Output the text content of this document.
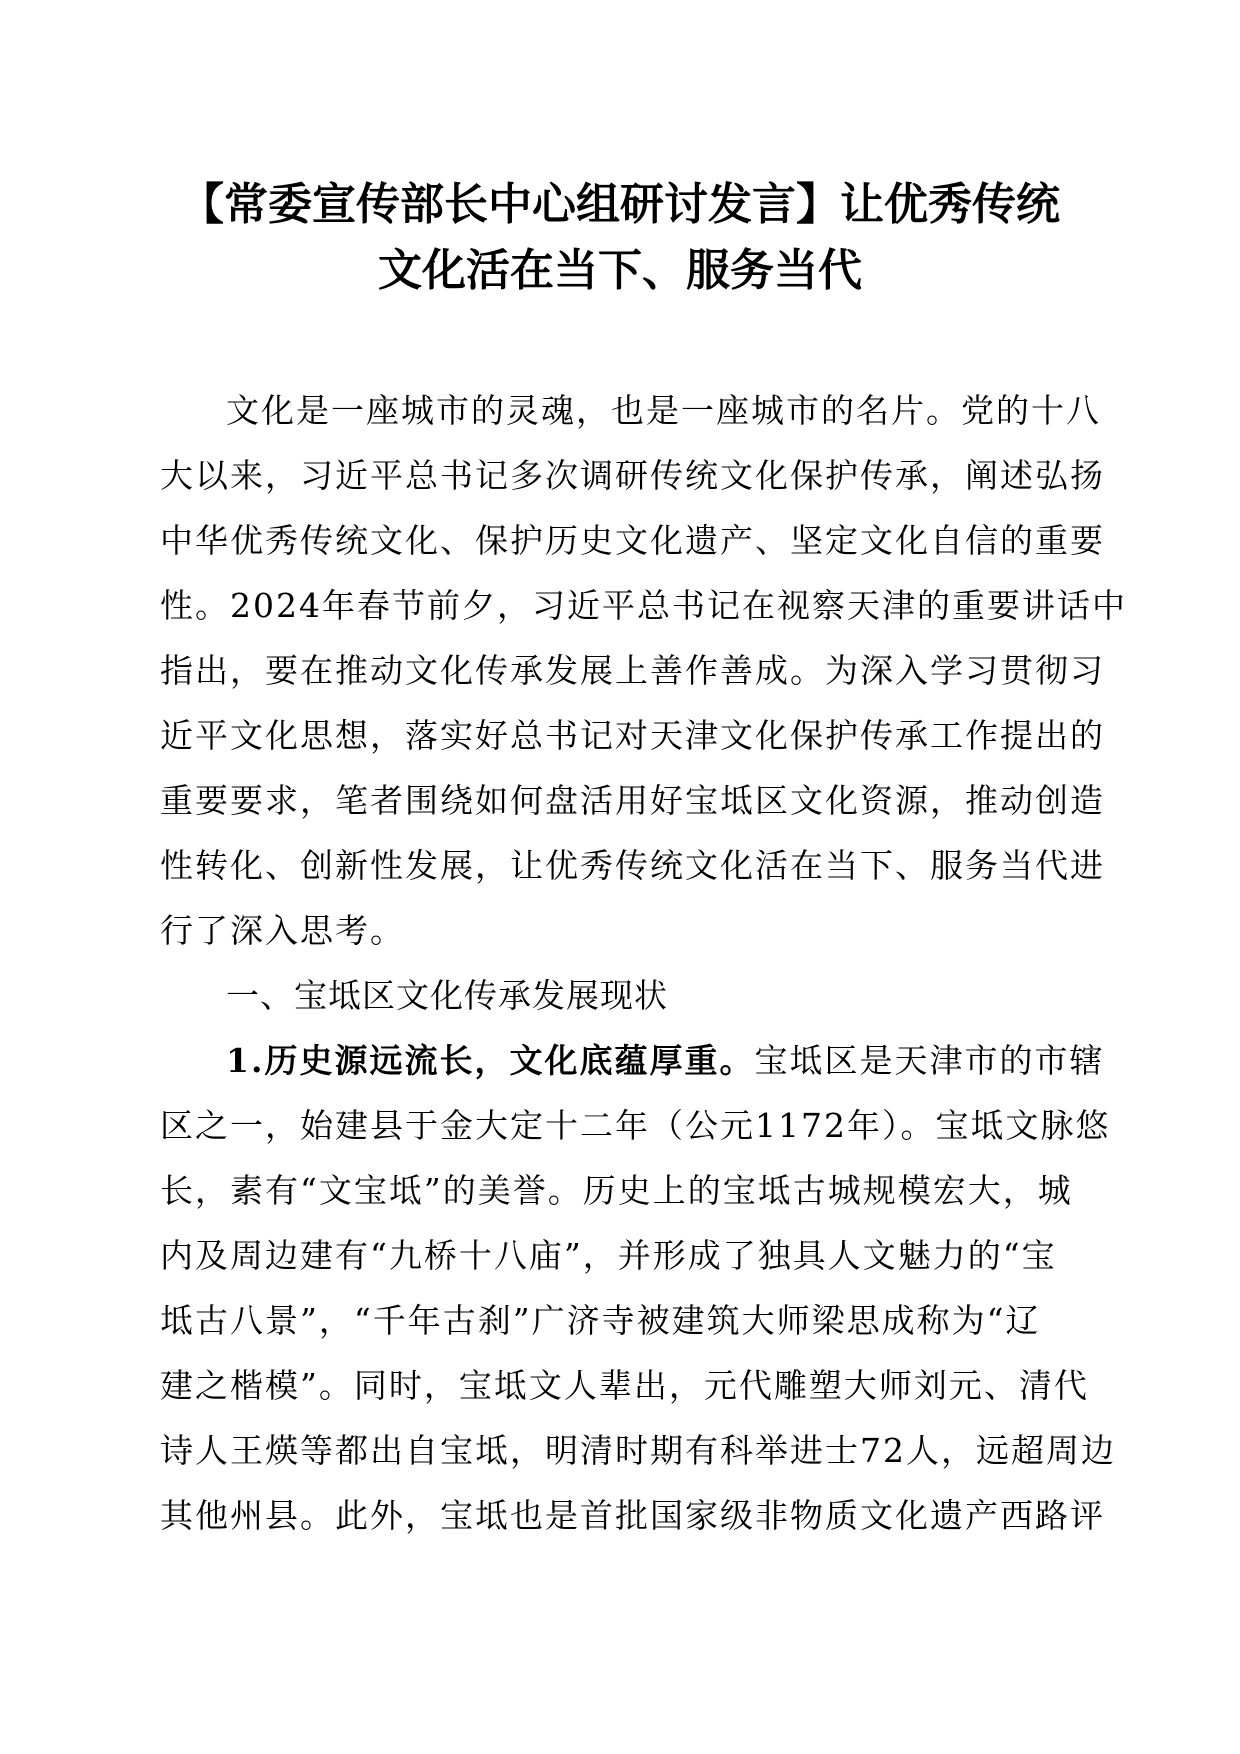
【常委宣传部长中心组研讨发言】让优秀传统
文化活在当下、服务当代

文化是一座城市的灵魂，也是一座城市的名片。党的十八
大以来，习近平总书记多次调研传统文化保护传承，阐述弘扬
中华优秀传统文化、保护历史文化遗产、坚定文化自信的重要
性。2024年春节前夕，习近平总书记在视察天津的重要讲话中
指出，要在推动文化传承发展上善作善成。为深入学习贯彻习
近平文化思想，落实好总书记对天津文化保护传承工作提出的
重要要求，笔者围绕如何盘活用好宝坻区文化资源，推动创造
性转化、创新性发展，让优秀传统文化活在当下、服务当代进
行了深入思考。

一、宝坻区文化传承发展现状

1.历史源远流长，文化底蕴厚重。宝坻区是天津市的市辖
区之一，始建县于金大定十二年（公元1172年）。宝坻文脉悠
长，素有“文宝坻”的美誉。历史上的宝坻古城规模宏大，城
内及周边建有“九桥十八庙”，并形成了独具人文魅力的“宝
坻古八景”，“千年古刹”广济寺被建筑大师梁思成称为“辽
建之楷模”。同时，宝坻文人辈出，元代雕塑大师刘元、清代
诗人王煐等都出自宝坻，明清时期有科举进士72人，远超周边
其他州县。此外，宝坻也是首批国家级非物质文化遗产西路评
